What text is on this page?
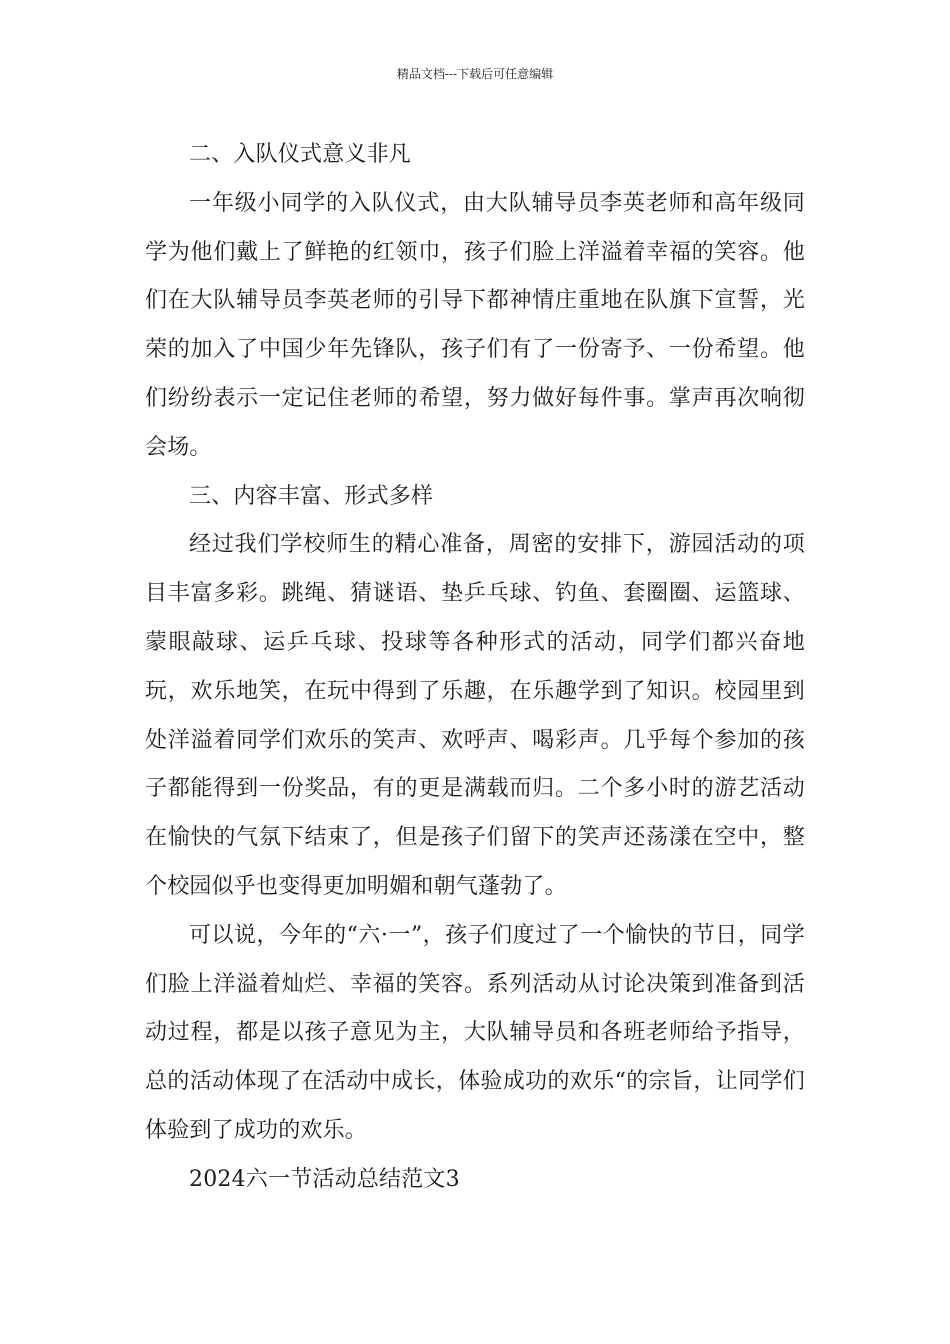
精品文档---下载后可任意编辑

二、入队仪式意义非凡

一年级小同学的入队仪式，由大队辅导员李英老师和高年级同学为他们戴上了鲜艳的红领巾，孩子们脸上洋溢着幸福的笑容。他们在大队辅导员李英老师的引导下都神情庄重地在队旗下宣誓，光荣的加入了中国少年先锋队，孩子们有了一份寄予、一份希望。他们纷纷表示一定记住老师的希望，努力做好每件事。掌声再次响彻会场。

三、内容丰富、形式多样

经过我们学校师生的精心准备，周密的安排下，游园活动的项目丰富多彩。跳绳、猜谜语、垫乒乓球、钓鱼、套圈圈、运篮球、蒙眼敲球、运乒乓球、投球等各种形式的活动，同学们都兴奋地玩，欢乐地笑，在玩中得到了乐趣，在乐趣学到了知识。校园里到处洋溢着同学们欢乐的笑声、欢呼声、喝彩声。几乎每个参加的孩子都能得到一份奖品，有的更是满载而归。二个多小时的游艺活动在愉快的气氛下结束了，但是孩子们留下的笑声还荡漾在空中，整个校园似乎也变得更加明媚和朝气蓬勃了。

可以说，今年的“六·一”，孩子们度过了一个愉快的节日，同学们脸上洋溢着灿烂、幸福的笑容。系列活动从讨论决策到准备到活动过程，都是以孩子意见为主，大队辅导员和各班老师给予指导，总的活动体现了在活动中成长，体验成功的欢乐“的宗旨，让同学们体验到了成功的欢乐。

2024六一节活动总结范文3
